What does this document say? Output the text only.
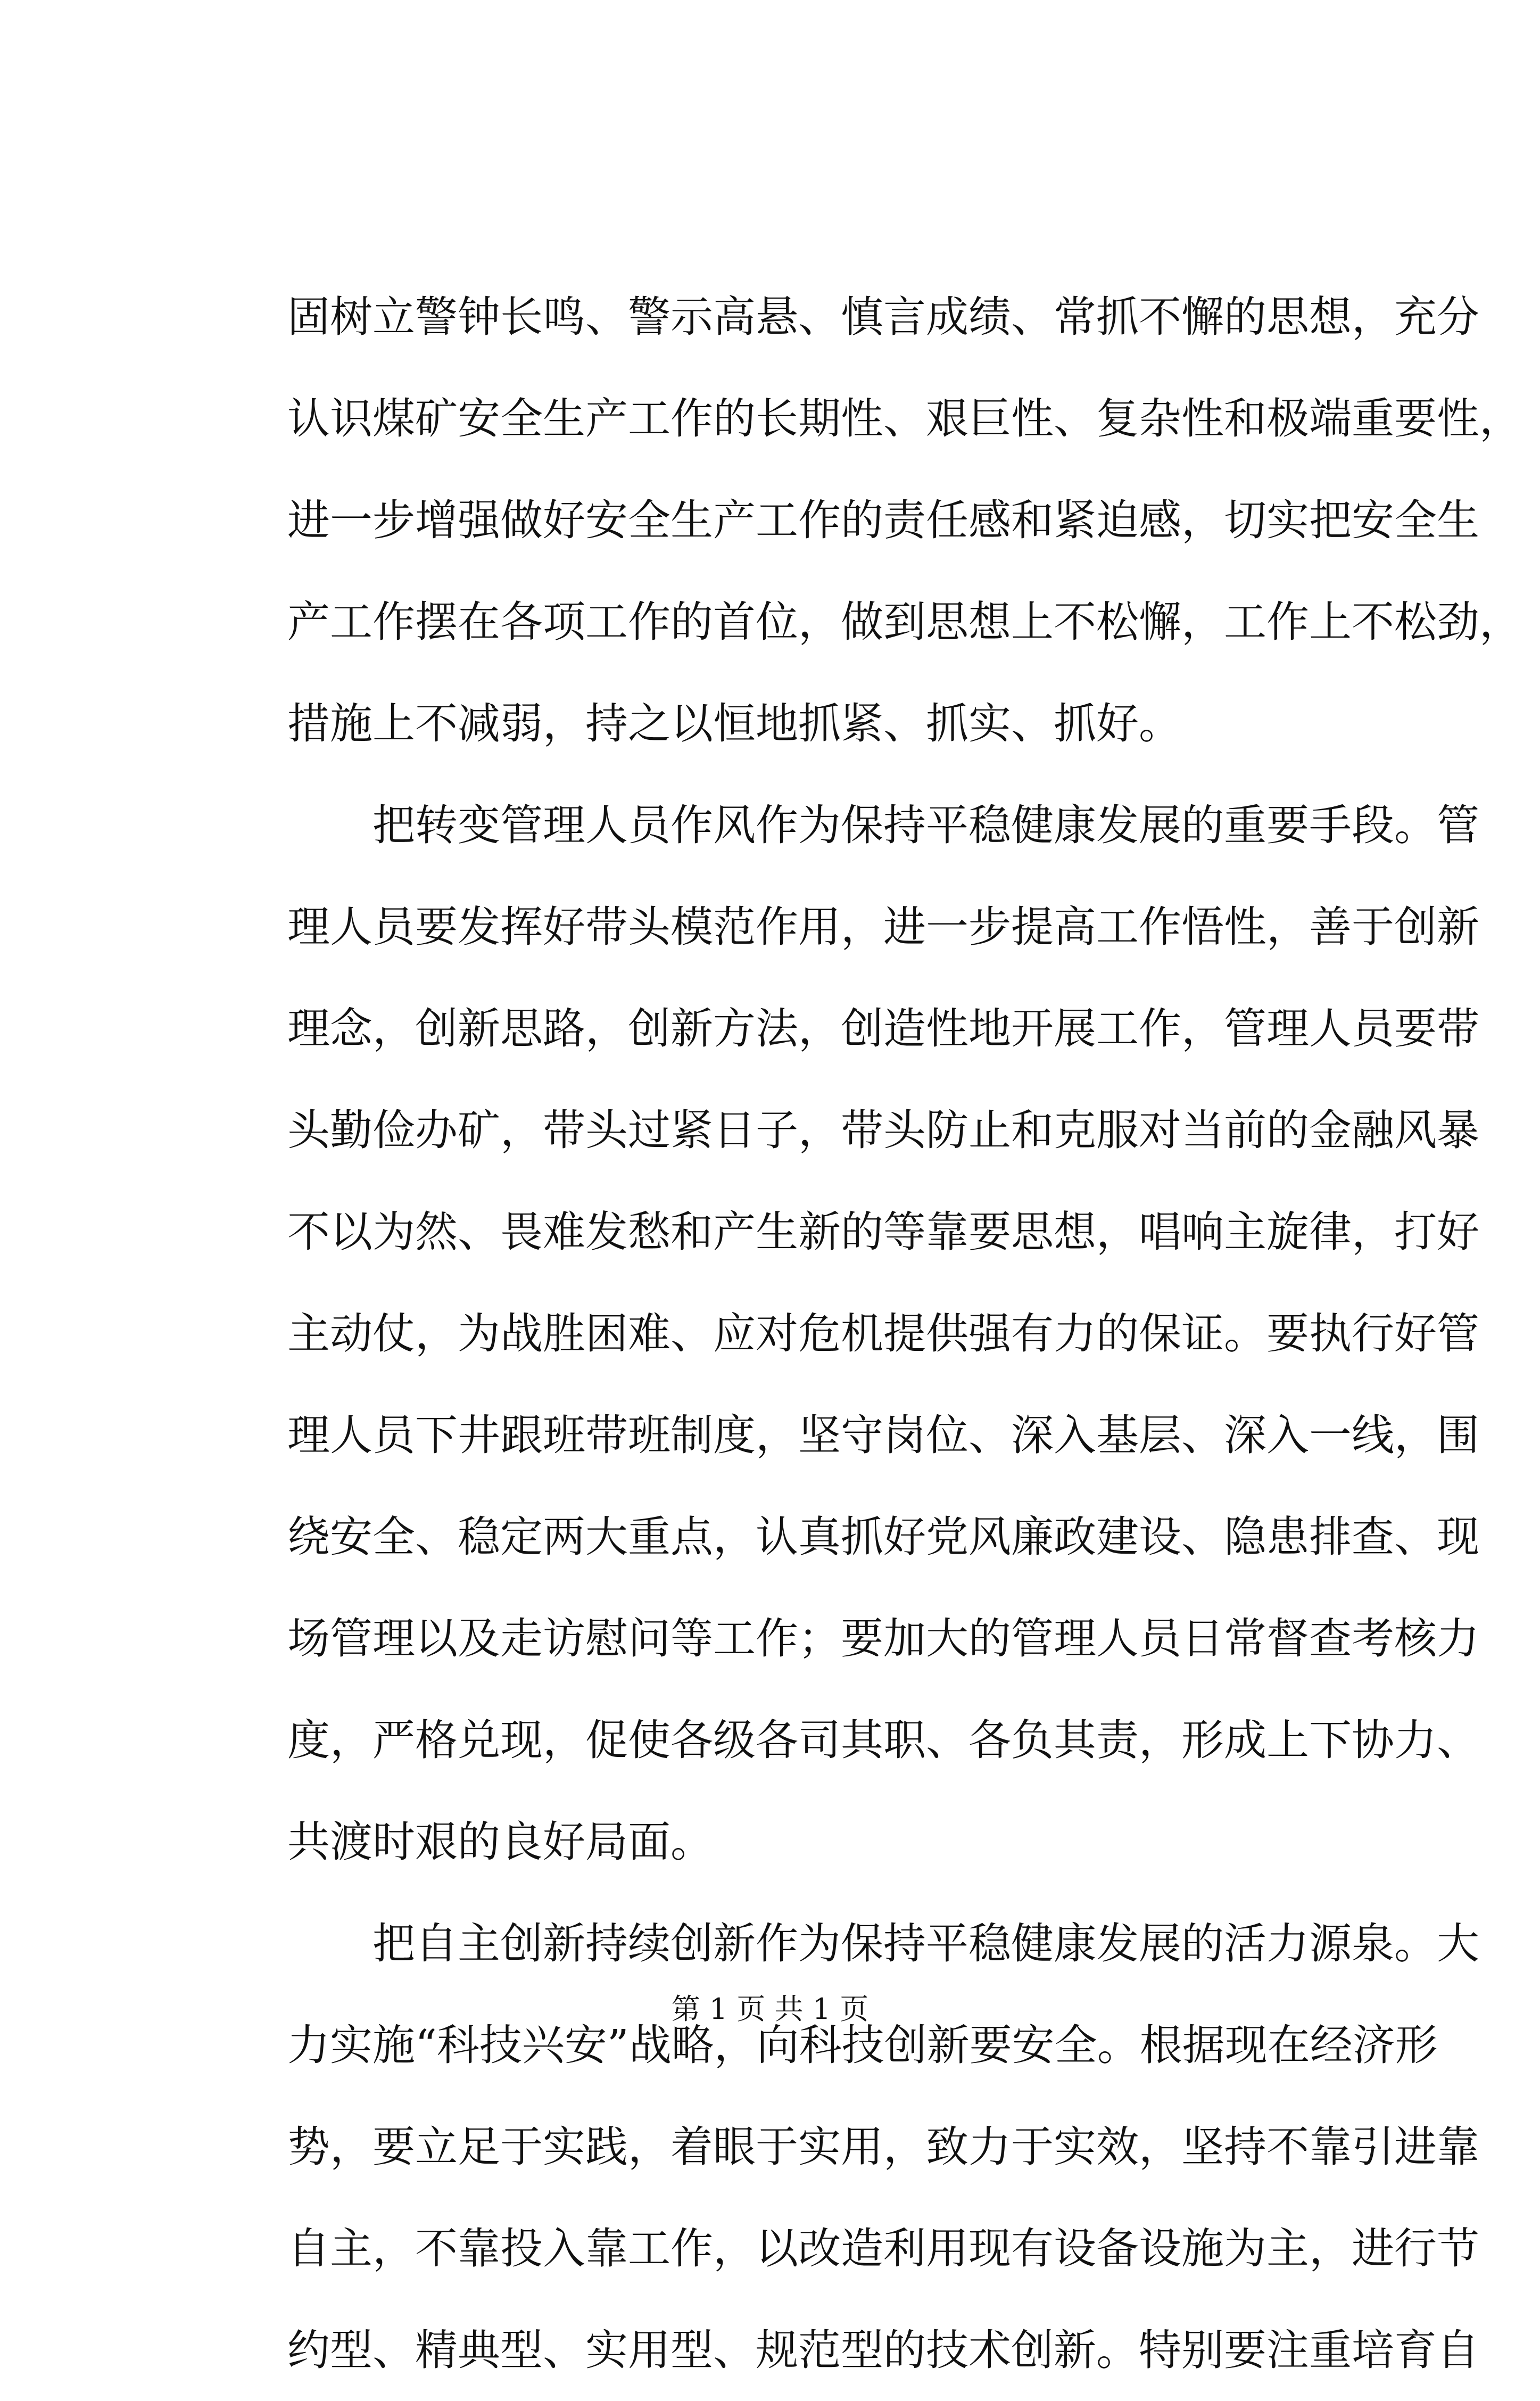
固树立警钟长鸣、警示高悬、慎言成绩、常抓不懈的思想，充分
认识煤矿安全生产工作的长期性、艰巨性、复杂性和极端重要性，
进一步增强做好安全生产工作的责任感和紧迫感，切实把安全生
产工作摆在各项工作的首位，做到思想上不松懈，工作上不松劲，
措施上不减弱，持之以恒地抓紧、抓实、抓好。
把转变管理人员作风作为保持平稳健康发展的重要手段。管
理人员要发挥好带头模范作用，进一步提高工作悟性，善于创新
理念，创新思路，创新方法，创造性地开展工作，管理人员要带
头勤俭办矿，带头过紧日子，带头防止和克服对当前的金融风暴
不以为然、畏难发愁和产生新的等靠要思想，唱响主旋律，打好
主动仗，为战胜困难、应对危机提供强有力的保证。要执行好管
理人员下井跟班带班制度，坚守岗位、深入基层、深入一线，围
绕安全、稳定两大重点，认真抓好党风廉政建设、隐患排查、现
场管理以及走访慰问等工作；要加大的管理人员日常督查考核力
度，严格兑现，促使各级各司其职、各负其责，形成上下协力、
共渡时艰的良好局面。
把自主创新持续创新作为保持平稳健康发展的活力源泉。大
力实施“科技兴安”战略，向科技创新要安全。根据现在经济形
势，要立足于实践，着眼于实用，致力于实效，坚持不靠引进靠
自主，不靠投入靠工作，以改造利用现有设备设施为主，进行节
约型、精典型、实用型、规范型的技术创新。特别要注重培育自
第 1 页 共 1 页
